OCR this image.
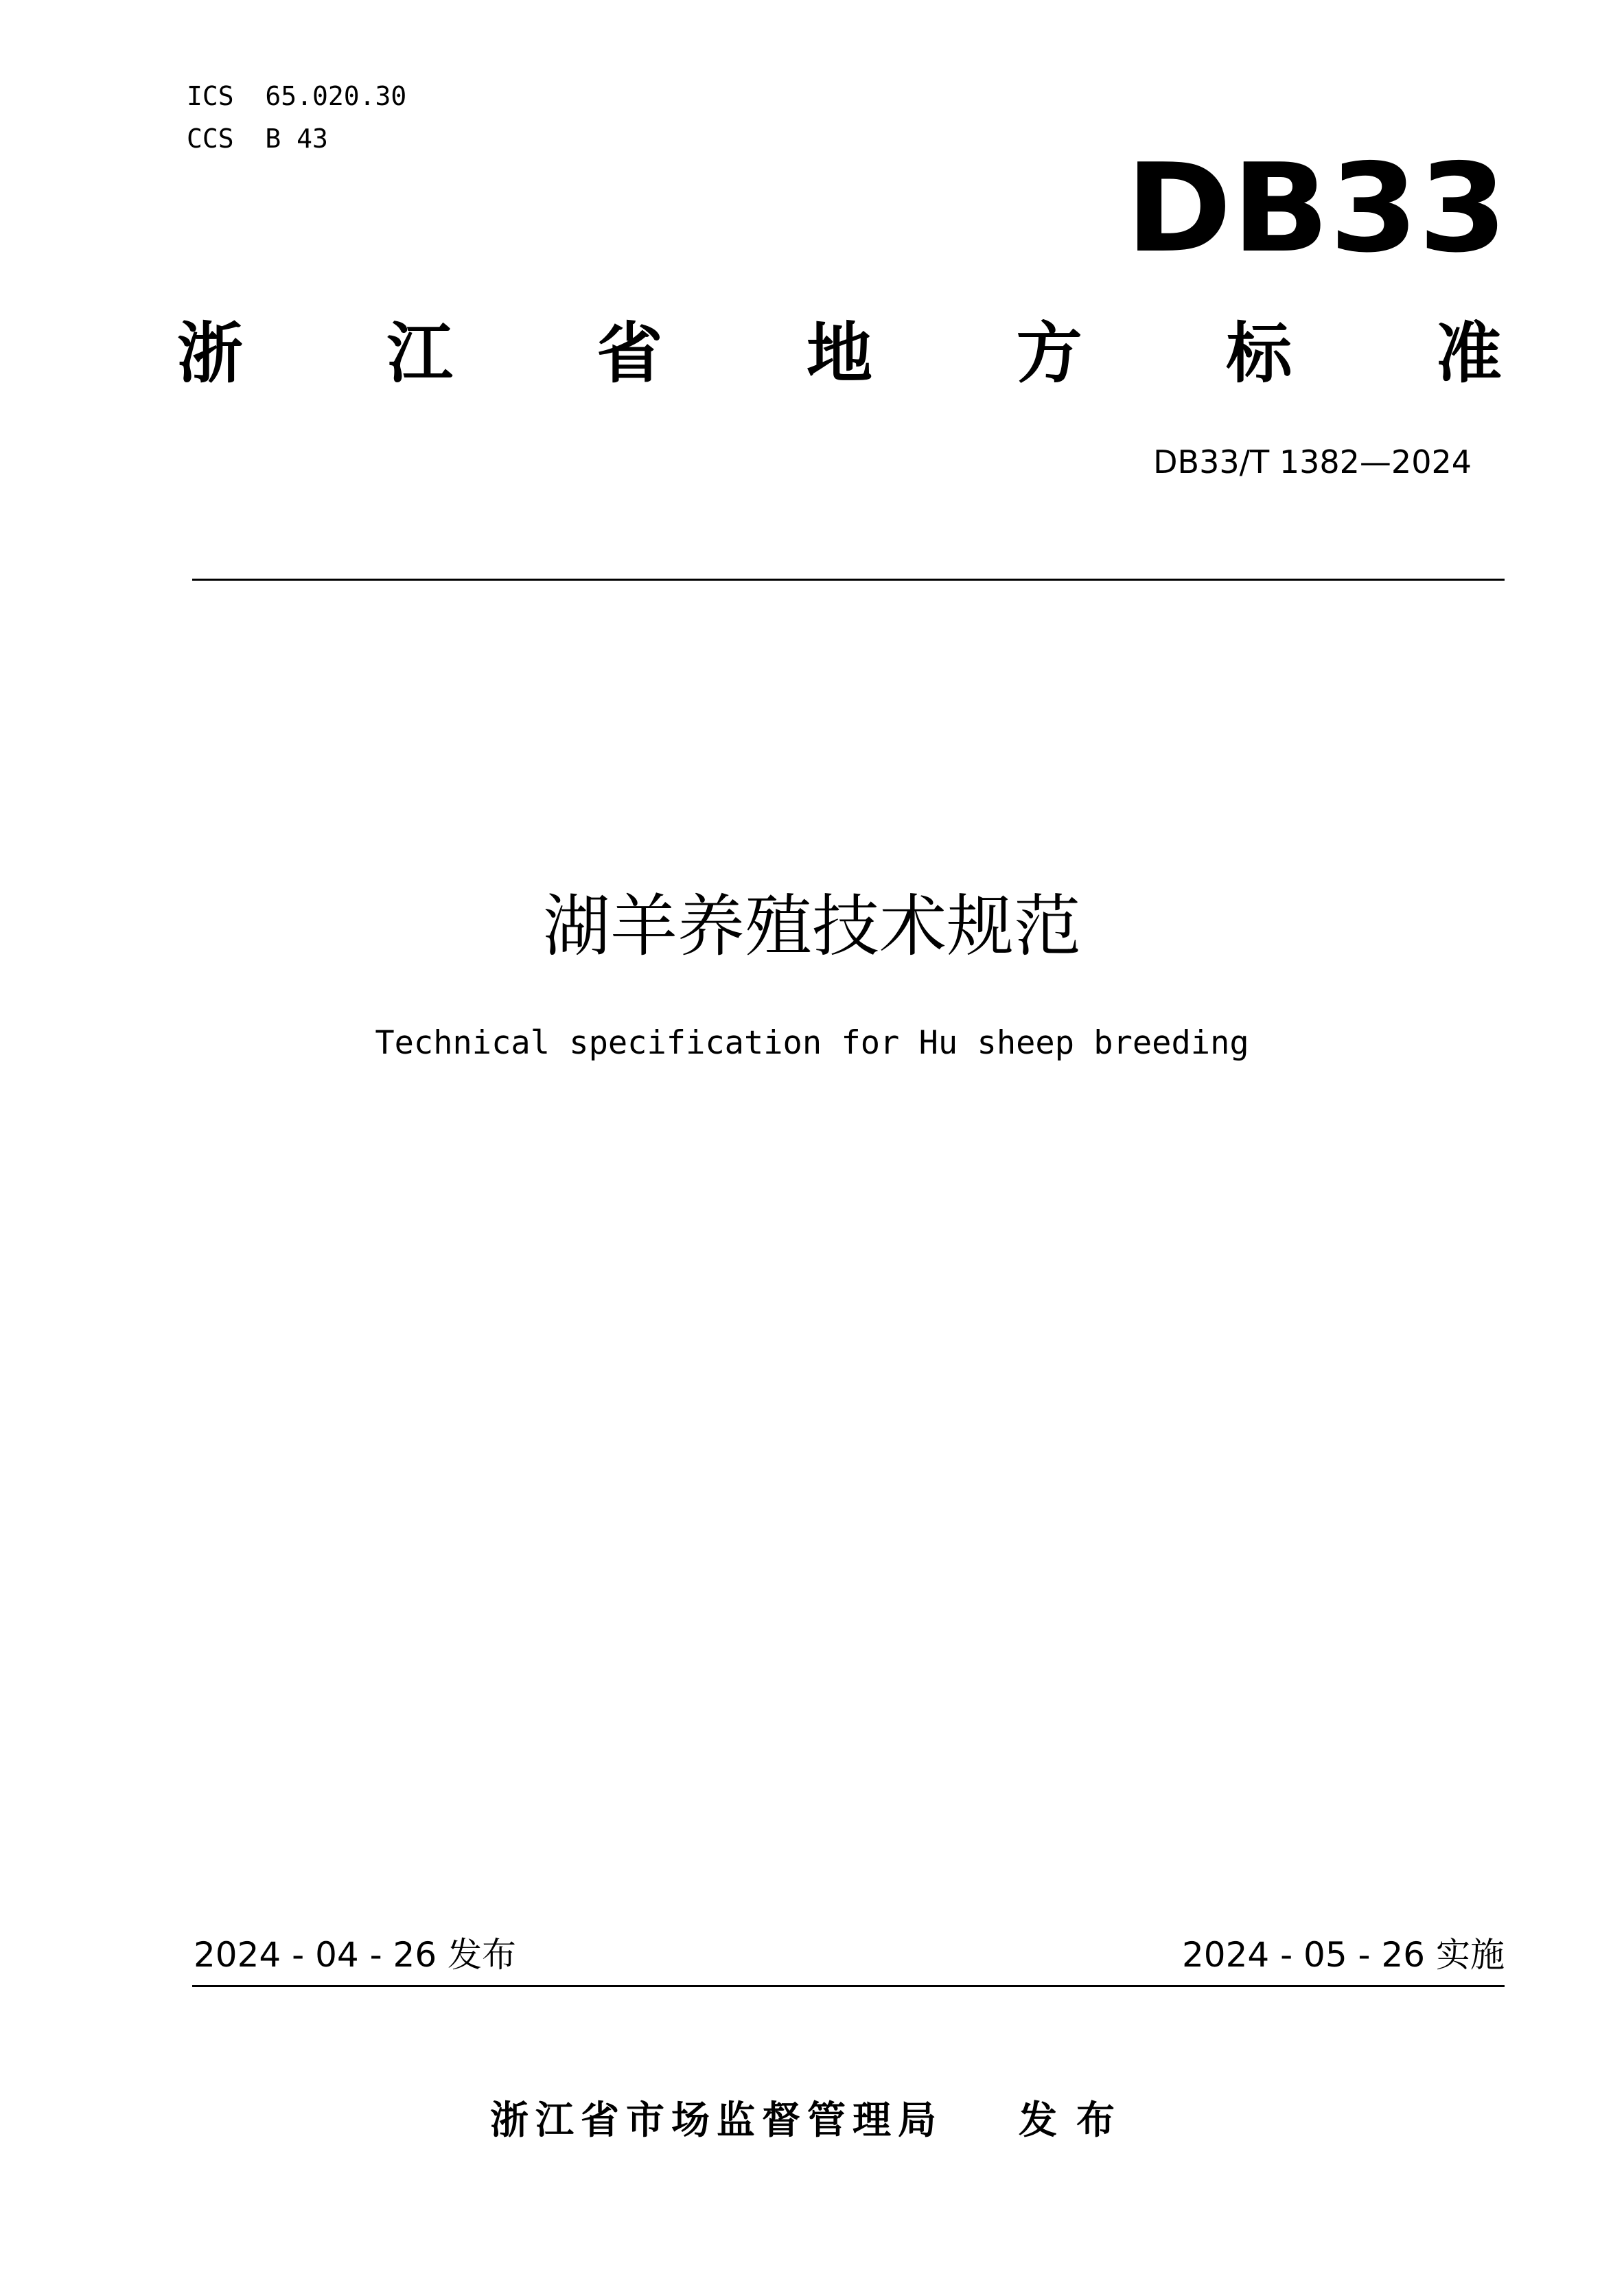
ICS  65.020.30
CCS  B 43	DB33
浙 江 省 地 方 标 准
DB33/T 1382—2024
湖羊养殖技术规范
Technical specification for Hu sheep breeding
2024 - 04 - 26 发布	2024 - 05 - 26 实施
浙江省市场监督管理局 发布
